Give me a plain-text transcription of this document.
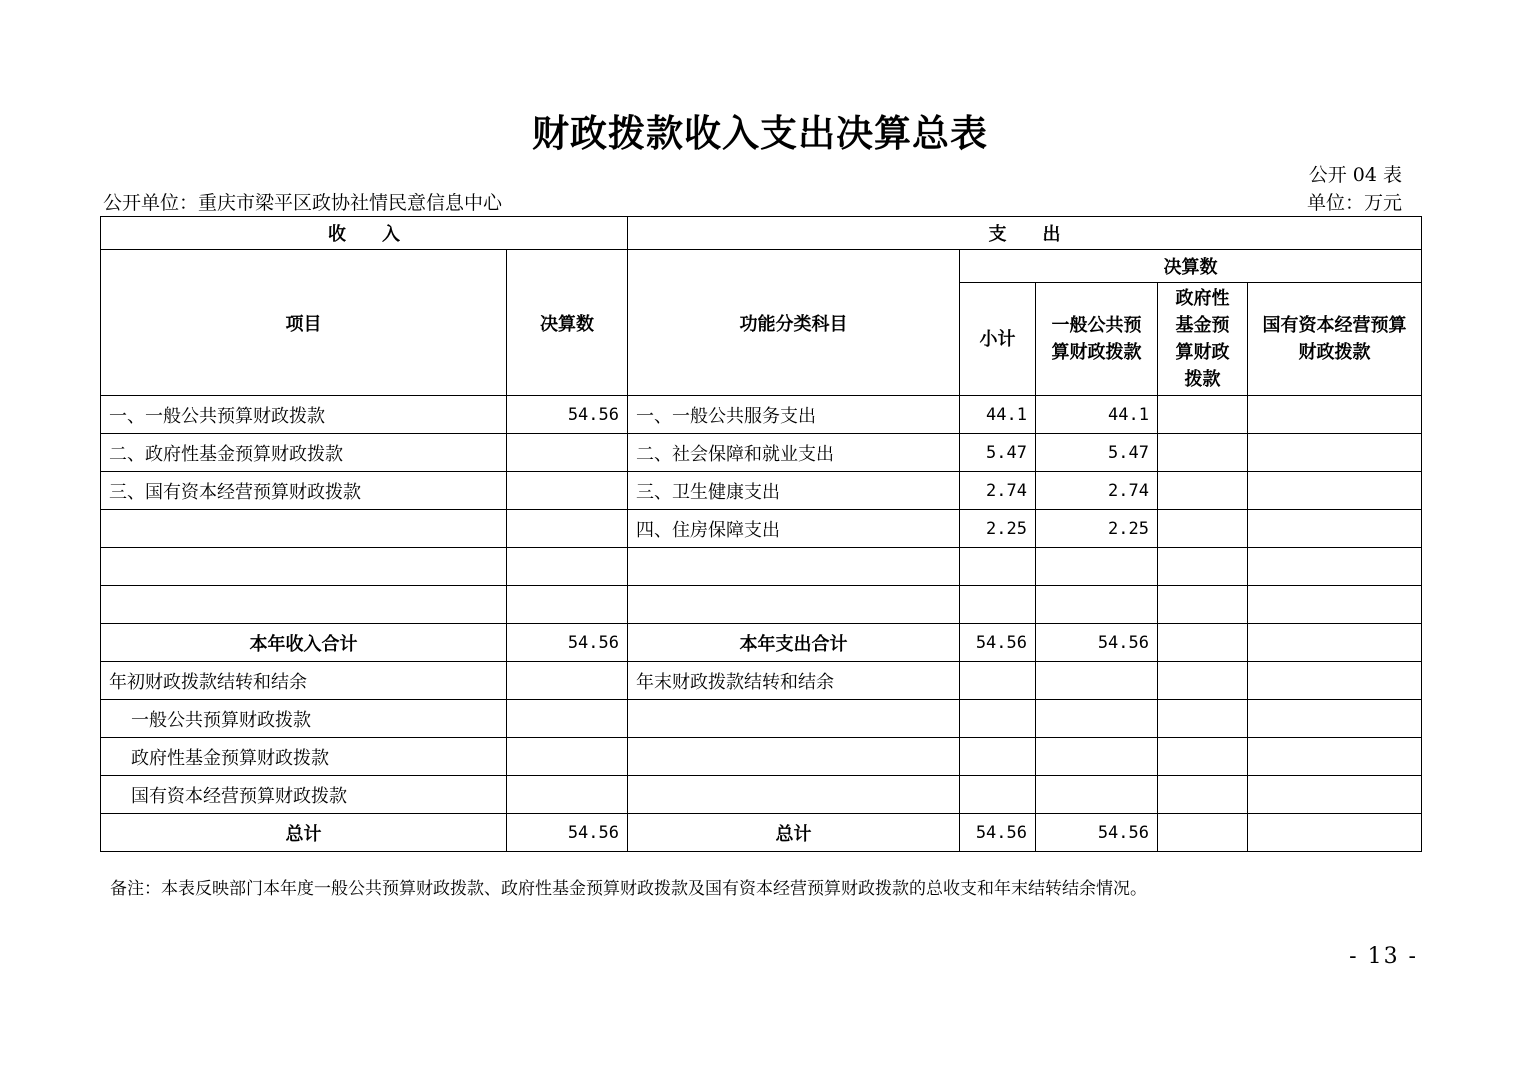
财政拨款收入支出决算总表
公开 04 表
公开单位：重庆市梁平区政协社情民意信息中心	单位：万元
收　　入		支　　出				
项目	决算数	功能分类科目	决算数			
			小计	一般公共预算财政拨款	政府性基金预算财政拨款	国有资本经营预算财政拨款
一、一般公共预算财政拨款	54.56	一、一般公共服务支出	44.1	44.1		
二、政府性基金预算财政拨款		二、社会保障和就业支出	5.47	5.47		
三、国有资本经营预算财政拨款		三、卫生健康支出	2.74	2.74		
		四、住房保障支出	2.25	2.25		

本年收入合计	54.56	本年支出合计	54.56	54.56		
年初财政拨款结转和结余		年末财政拨款结转和结余				
一般公共预算财政拨款						
政府性基金预算财政拨款						
国有资本经营预算财政拨款						
总计	54.56	总计	54.56	54.56		
备注：本表反映部门本年度一般公共预算财政拨款、政府性基金预算财政拨款及国有资本经营预算财政拨款的总收支和年末结转结余情况。
- 13 -
